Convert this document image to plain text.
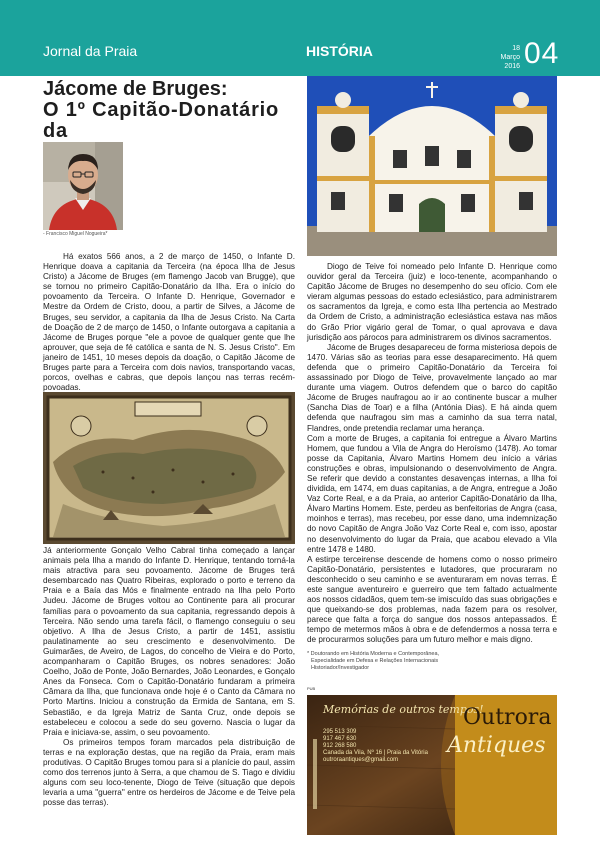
Jornal da Praia	HISTÓRIA	18
Março
2016 04
Jácome de Bruges:
O 1º Capitão-Donatário da
- Francisco Miguel Nogueira*

Há exatos 566 anos, a 2 de março de 1450, o Infante D. Henrique doava a capitania da Terceira (na época Ilha de Jesus Cristo) a Jácome de Bruges (em flamengo Jacob van Brugge), que se tornou no primeiro Capitão-Donatário da Ilha. Era o início do povoamento da Terceira. O Infante D. Henrique, Governador e Mestre da Ordem de Cristo, doou, a partir de Silves, a Jácome de Bruges, seu servidor, a capitania da Ilha de Jesus Cristo. Na Carta de Doação de 2 de março de 1450, o Infante outorgava a capitania a Jácome de Bruges porque "ele a povoe de qualquer gente que lhe aprouver, que seja de fé católica e santa de N. S. Jesus Cristo". Em janeiro de 1451, 10 meses depois da doação, o Capitão Jácome de Bruges parte para a Terceira com dois navios, transportando vacas, porcos, ovelhas e cabras, que depois lançou nas terras recém-povoadas.

Já anteriormente Gonçalo Velho Cabral tinha começado a lançar animais pela Ilha a mando do Infante D. Henrique, tentando torná-la mais atractiva para seu povoamento. Jácome de Bruges terá desembarcado nas Quatro Ribeiras, explorado o porto e terreno da Praia e a Baía das Mós e finalmente entrado na Ilha pelo Porto Judeu. Jácome de Bruges voltou ao Continente para ali procurar famílias para o povoamento da sua capitania, regressando depois à Terceira. Não sendo uma tarefa fácil, o flamengo conseguiu o seu objetivo. A Ilha de Jesus Cristo, a partir de 1451, assistiu paulatinamente ao seu crescimento e desenvolvimento. De Guimarães, de Aveiro, de Lagos, do concelho de Vieira e do Porto, acompanharam o Capitão Bruges, os nobres senadores: João Coelho, João de Ponte, João Bernardes, João Leonardes, e Gonçalo Anes da Fonseca. Com o Capitão-Donatário fundaram a primeira Câmara da Ilha, que funcionava onde hoje é o Canto da Câmara no Porto Martins. Iniciou a construção da Ermida de Santana, em S. Sebastião, e da Igreja Matriz de Santa Cruz, onde depois se estabeleceu e colocou a sede do seu governo. Nascia o lugar da Praia e iniciava-se, assim, o seu povoamento.

Os primeiros tempos foram marcados pela distribuição de terras e na exploração destas, que na região da Praia, eram mais produtivas. O Capitão Bruges tomou para si a planície do paul, assim como dos terrenos junto à Serra, a que chamou de S. Tiago e dividiu alguns com seu loco-tenente, Diogo de Teive (situação que depois levaria a uma "guerra" entre os herdeiros de Jácome e de Teive pela posse das terras).

Diogo de Teive foi nomeado pelo Infante D. Henrique como ouvidor geral da Terceira (juiz) e loco-tenente, acompanhando o Capitão Jácome de Bruges no desempenho do seu ofício. Com ele vieram algumas pessoas do estado eclesiástico, para administrarem os sacramentos da Igreja, e como esta Ilha pertencia ao Mestrado da Ordem de Cristo, a administração eclesiástica estava nas mãos do Grão Prior vigário geral de Tomar, o qual aprovava e dava jurisdição aos párocos para administrarem os divinos sacramentos.

Jácome de Bruges desapareceu de forma misteriosa depois de 1470. Várias são as teorias para esse desaparecimento. Há quem defenda que o primeiro Capitão-Donatário da Terceira foi assassinado por Diogo de Teive, provavelmente lançado ao mar durante uma viagem. Outros defendem que o barco do capitão Jácome de Bruges naufragou ao ir ao continente buscar a mulher (Sancha Dias de Toar) e a filha (Antónia Dias). E há ainda quem defenda que naufragou sim mas a caminho da sua terra natal, Flandres, onde pretendia reclamar uma herança.

Com a morte de Bruges, a capitania foi entregue a Álvaro Martins Homem, que fundou a Vila de Angra do Heroísmo (1478). Ao tomar posse da Capitania, Álvaro Martins Homem deu início a várias construções e obras, impulsionando o desenvolvimento de Angra. Se referir que devido a constantes desavenças internas, a Ilha foi dividida, em 1474, em duas capitanias, a de Angra, entregue a João Vaz Corte Real, e a da Praia, ao anterior Capitão-Donatário da Ilha, Álvaro Martins Homem. Este, perdeu as benfeitorias de Angra (casa, moinhos e terras), mas recebeu, por esse dano, uma indemnização do novo Capitão de Angra João Vaz Corte Real e, com isso, apostar no desenvolvimento do lugar da Praia, que acabou elevado a Vila entre 1478 e 1480.

A estirpe terceirense descende de homens como o nosso primeiro Capitão-Donatário, persistentes e lutadores, que procuraram no desconhecido o seu caminho e se aventuraram em novas terras. É este sangue aventureiro e guerreiro que tem faltado actualmente aos nossos cidadãos, quem tem-se imiscuído das suas obrigações e que queixando-se dos problemas, nada fazem para os resolver, parece que falta a força do sangue dos nossos antepassados. É tempo de metermos mãos à obra e de defendermos a nossa terra e de procurarmos soluções para um futuro melhor e mais digno.

* Doutorando em História Moderna e Contemporânea,
Especialidade em Defesa e Relações Internacionais
Historiador/Investigador
PUB
Memórias de outros tempos!
295 513 309
917 467 630
912 268 580
Canada da Vila, Nº 16 | Praia da Vitória
outroraantiques@gmail.com
Outrora
Antiques
